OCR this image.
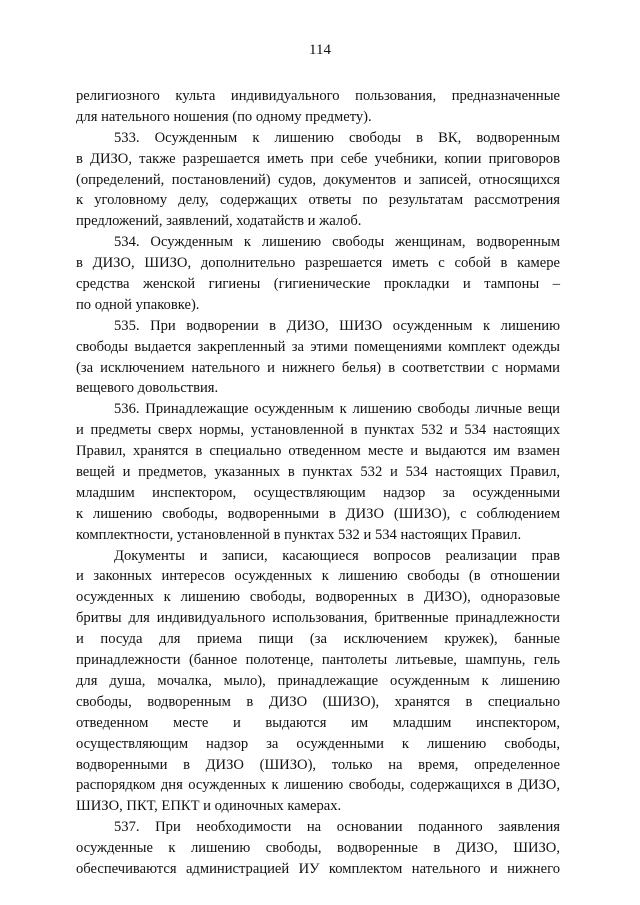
114
религиозного культа индивидуального пользования, предназначенные
для нательного ношения (по одному предмету).
533. Осужденным к лишению свободы в ВК, водворенным
в ДИЗО, также разрешается иметь при себе учебники, копии приговоров
(определений, постановлений) судов, документов и записей, относящихся
к уголовному делу, содержащих ответы по результатам рассмотрения
предложений, заявлений, ходатайств и жалоб.
534. Осужденным к лишению свободы женщинам, водворенным
в ДИЗО, ШИЗО, дополнительно разрешается иметь с собой в камере
средства женской гигиены (гигиенические прокладки и тампоны –
по одной упаковке).
535. При водворении в ДИЗО, ШИЗО осужденным к лишению
свободы выдается закрепленный за этими помещениями комплект одежды
(за исключением нательного и нижнего белья) в соответствии с нормами
вещевого довольствия.
536. Принадлежащие осужденным к лишению свободы личные вещи
и предметы сверх нормы, установленной в пунктах 532 и 534 настоящих
Правил, хранятся в специально отведенном месте и выдаются им взамен
вещей и предметов, указанных в пунктах 532 и 534 настоящих Правил,
младшим инспектором, осуществляющим надзор за осужденными
к лишению свободы, водворенными в ДИЗО (ШИЗО), с соблюдением
комплектности, установленной в пунктах 532 и 534 настоящих Правил.
Документы и записи, касающиеся вопросов реализации прав
и законных интересов осужденных к лишению свободы (в отношении
осужденных к лишению свободы, водворенных в ДИЗО), одноразовые
бритвы для индивидуального использования, бритвенные принадлежности
и посуда для приема пищи (за исключением кружек), банные
принадлежности (банное полотенце, пантолеты литьевые, шампунь, гель
для душа, мочалка, мыло), принадлежащие осужденным к лишению
свободы, водворенным в ДИЗО (ШИЗО), хранятся в специально
отведенном месте и выдаются им младшим инспектором,
осуществляющим надзор за осужденными к лишению свободы,
водворенными в ДИЗО (ШИЗО), только на время, определенное
распорядком дня осужденных к лишению свободы, содержащихся в ДИЗО,
ШИЗО, ПКТ, ЕПКТ и одиночных камерах.
537. При необходимости на основании поданного заявления
осужденные к лишению свободы, водворенные в ДИЗО, ШИЗО,
обеспечиваются администрацией ИУ комплектом нательного и нижнего
